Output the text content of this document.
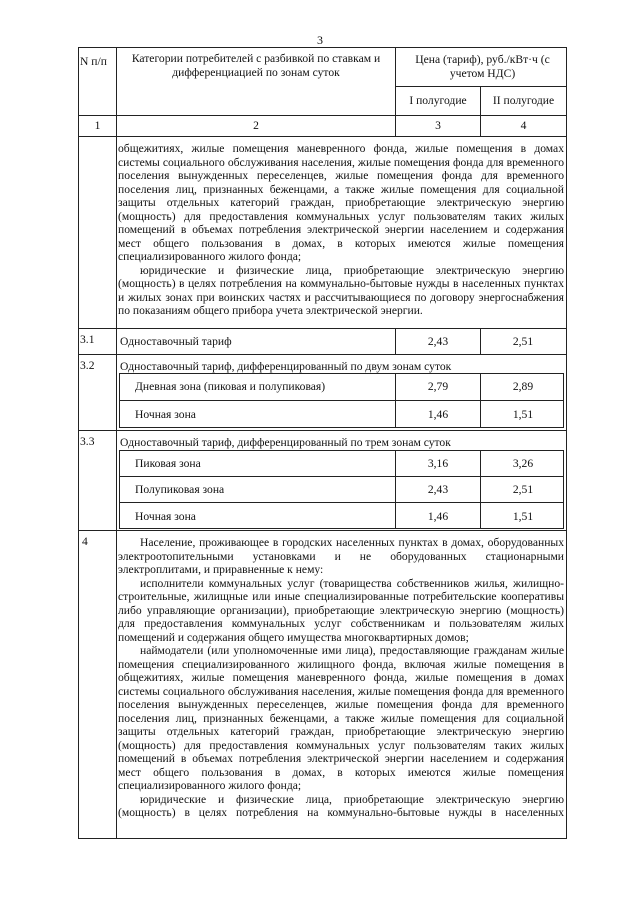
3
N п/п	Категории потребителей с разбивкой по ставкам и дифференциацией по зонам суток
Цена (тариф), руб./кВт·ч (с учетом НДС)
I полугодие	II полугодие
1	2	3	4

общежитиях, жилые помещения маневренного фонда, жилые помещения в домах системы социального обслуживания населения, жилые помещения фонда для временного поселения вынужденных переселенцев, жилые помещения фонда для временного поселения лиц, признанных беженцами, а также жилые помещения для социальной защиты отдельных категорий граждан, приобретающие электрическую энергию (мощность) для предоставления коммунальных услуг пользователям таких жилых помещений в объемах потребления электрической энергии населением и содержания мест общего пользования в домах, в которых имеются жилые помещения специализированного жилого фонда;

юридические и физические лица, приобретающие электрическую энергию (мощность) в целях потребления на коммунально-бытовые нужды в населенных пунктах и жилых зонах при воинских частях и рассчитывающиеся по договору энергоснабжения по показаниям общего прибора учета электрической энергии.

3.1 Одноставочный тариф	2,43	2,51
3.2 Одноставочный тариф, дифференцированный по двум зонам суток
Дневная зона (пиковая и полупиковая)	2,79	2,89
Ночная зона	1,46	1,51
3.3 Одноставочный тариф, дифференцированный по трем зонам суток
Пиковая зона	3,16	3,26
Полупиковая зона	2,43	2,51
Ночная зона	1,46	1,51
4	Население, проживающее в городских населенных пунктах в домах, оборудованных электроотопительными установками и не оборудованных стационарными электроплитами, и приравненные к нему:

исполнители коммунальных услуг (товарищества собственников жилья, жилищно-строительные, жилищные или иные специализированные потребительские кооперативы либо управляющие организации), приобретающие электрическую энергию (мощность) для предоставления коммунальных услуг собственникам и пользователям жилых помещений и содержания общего имущества многоквартирных домов;

наймодатели (или уполномоченные ими лица), предоставляющие гражданам жилые помещения специализированного жилищного фонда, включая жилые помещения в общежитиях, жилые помещения маневренного фонда, жилые помещения в домах системы социального обслуживания населения, жилые помещения фонда для временного поселения вынужденных переселенцев, жилые помещения фонда для временного поселения лиц, признанных беженцами, а также жилые помещения для социальной защиты отдельных категорий граждан, приобретающие электрическую энергию (мощность) для предоставления коммунальных услуг пользователям таких жилых помещений в объемах потребления электрической энергии населением и содержания мест общего пользования в домах, в которых имеются жилые помещения специализированного жилого фонда;

юридические и физические лица, приобретающие электрическую энергию (мощность) в целях потребления на коммунально-бытовые нужды в населенных
